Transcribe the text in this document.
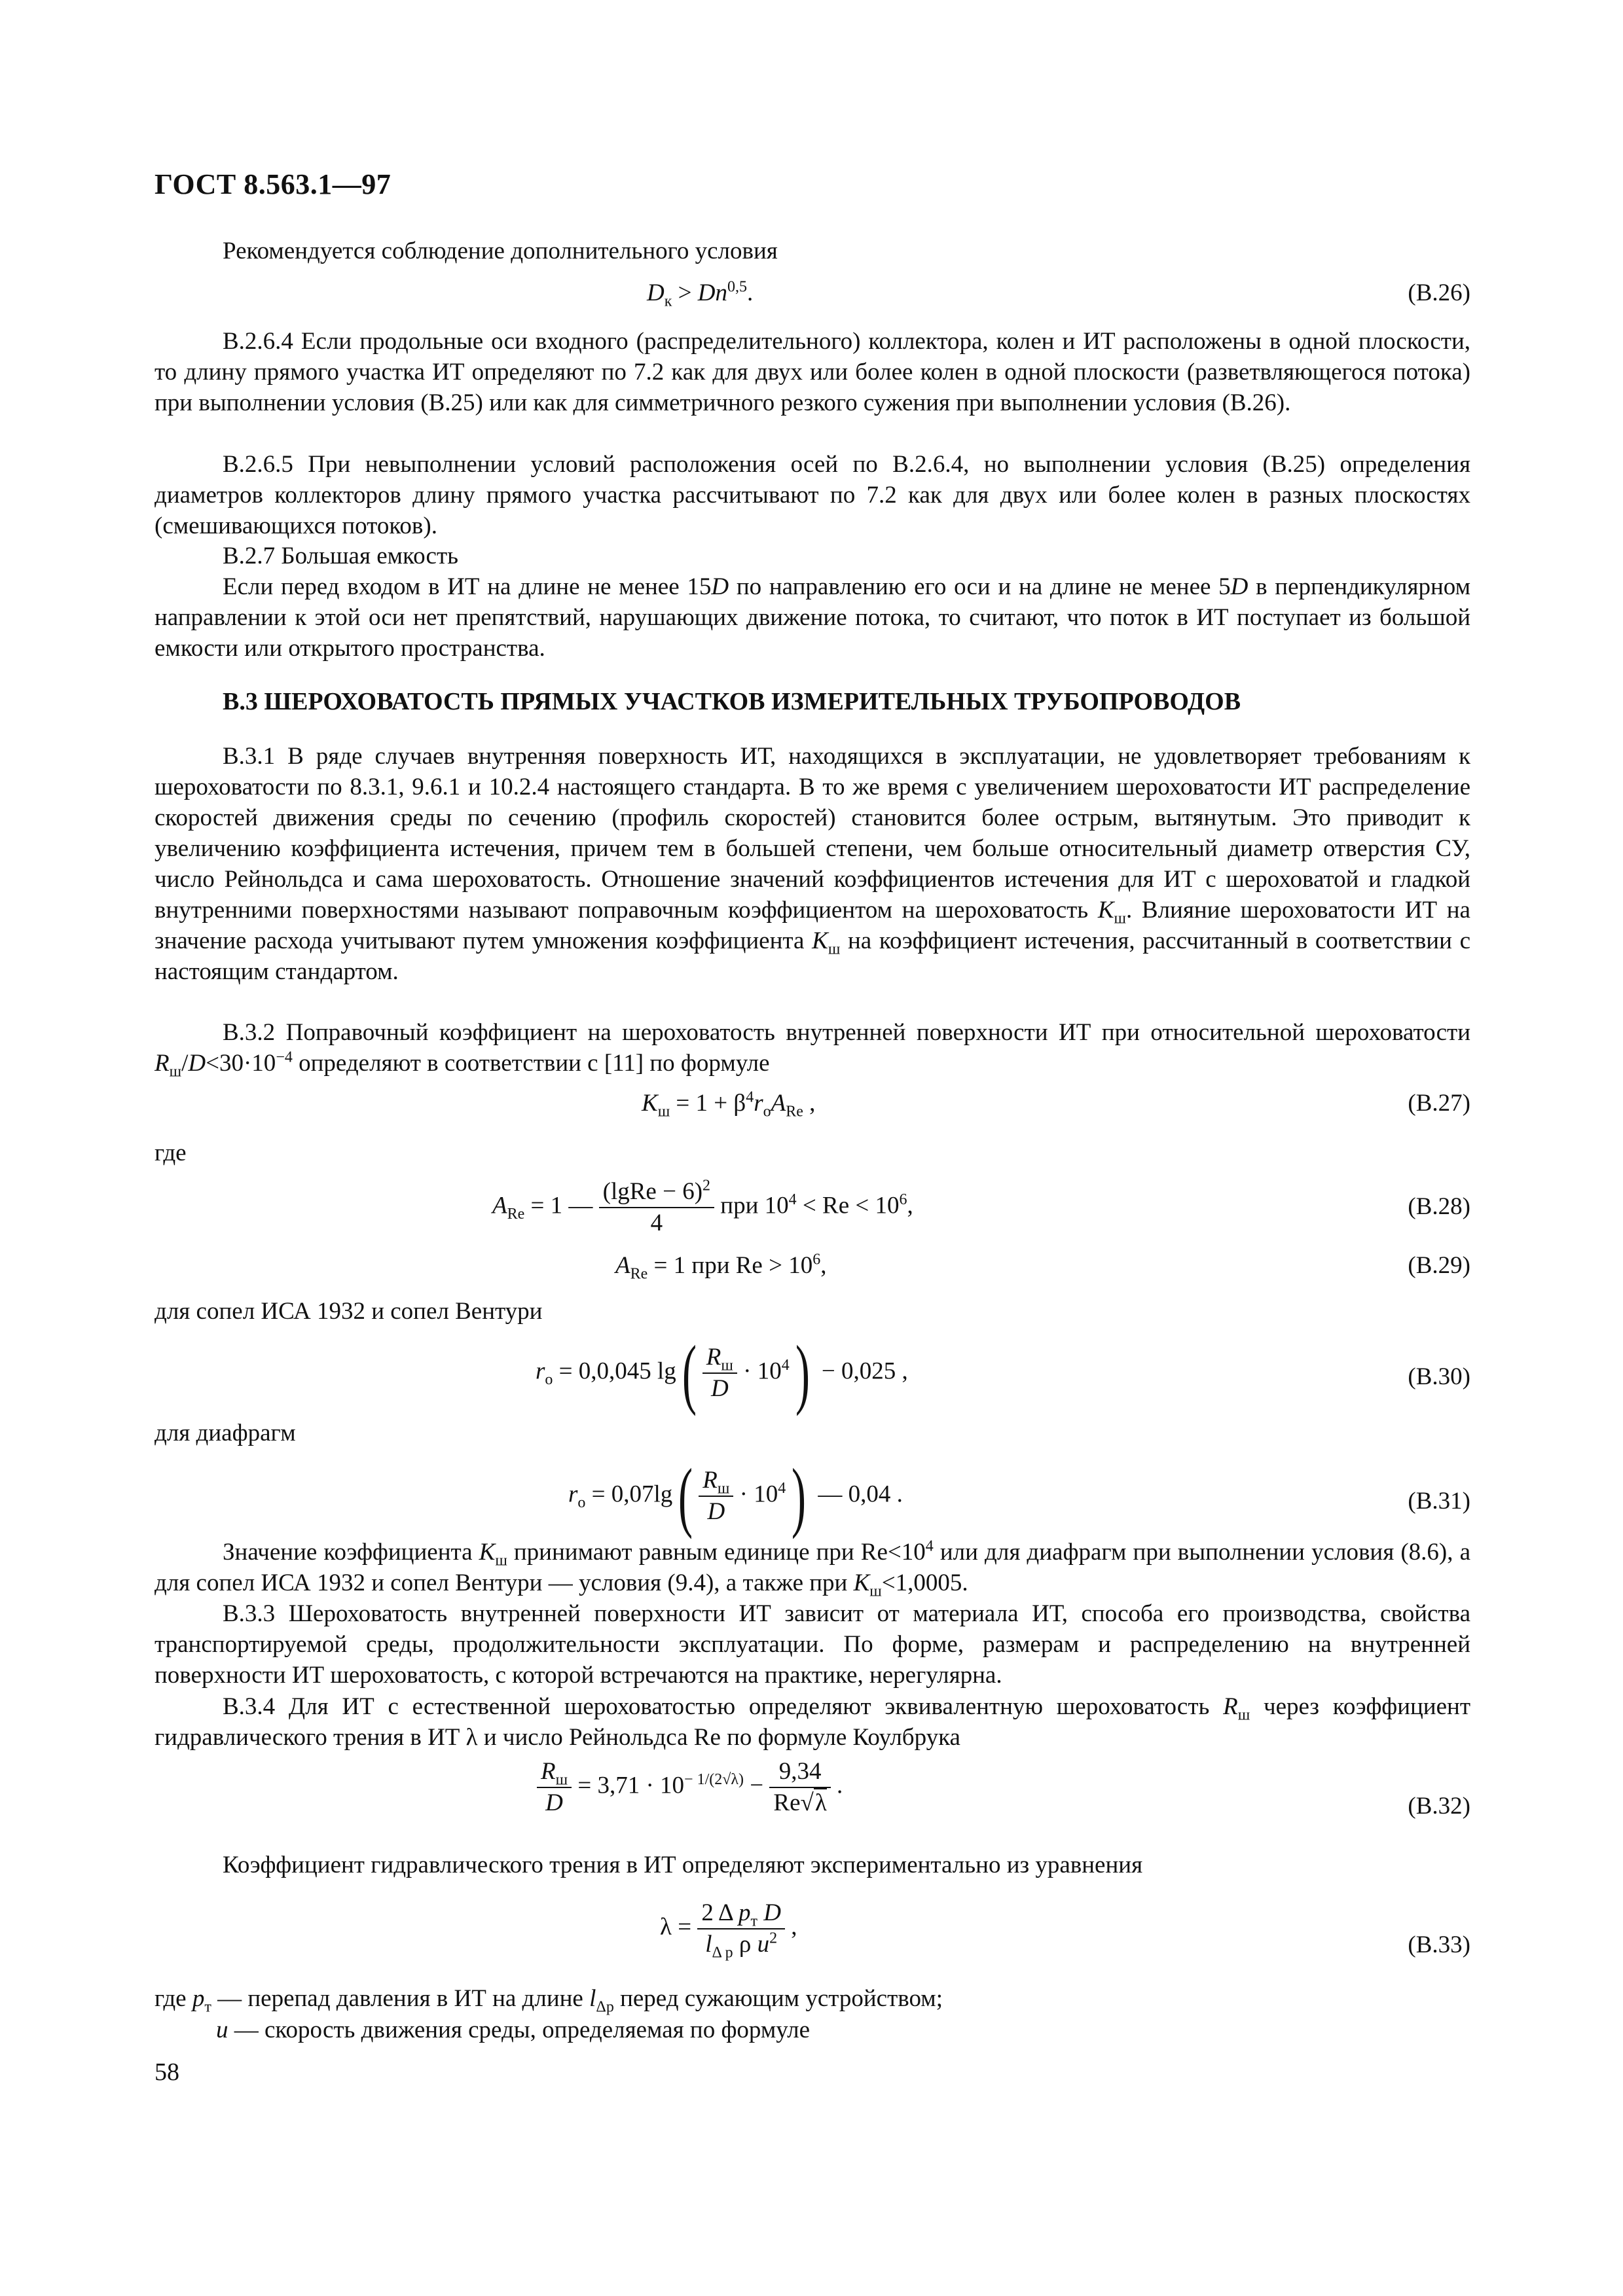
ГОСТ 8.563.1—97

Рекомендуется соблюдение дополнительного условия

$D_к > Dn^{0,5}$.	(В.26)

В.2.6.4 Если продольные оси входного (распределительного) коллектора, колен и ИТ расположены в одной плоскости, то длину прямого участка ИТ определяют по 7.2 как для двух или более колен в одной плоскости (разветвляющегося потока) при выполнении условия (В.25) или как для симметричного резкого сужения при выполнении условия (В.26).

В.2.6.5 При невыполнении условий расположения осей по В.2.6.4, но выполнении условия (В.25) определения диаметров коллекторов длину прямого участка рассчитывают по 7.2 как для двух или более колен в разных плоскостях (смешивающихся потоков).

В.2.7 Большая емкость

Если перед входом в ИТ на длине не менее 15D по направлению его оси и на длине не менее 5D в перпендикулярном направлении к этой оси нет препятствий, нарушающих движение потока, то считают, что поток в ИТ поступает из большой емкости или открытого пространства.

В.3 ШЕРОХОВАТОСТЬ ПРЯМЫХ УЧАСТКОВ ИЗМЕРИТЕЛЬНЫХ ТРУБОПРОВОДОВ

В.3.1 В ряде случаев внутренняя поверхность ИТ, находящихся в эксплуатации, не удовлетворяет требованиям к шероховатости по 8.3.1, 9.6.1 и 10.2.4 настоящего стандарта. В то же время с увеличением шероховатости ИТ распределение скоростей движения среды по сечению (профиль скоростей) становится более острым, вытянутым. Это приводит к увеличению коэффициента истечения, причем тем в большей степени, чем больше относительный диаметр отверстия СУ, число Рейнольдса и сама шероховатость. Отношение значений коэффициентов истечения для ИТ с шероховатой и гладкой внутренними поверхностями называют поправочным коэффициентом на шероховатость $K_ш$. Влияние шероховатости ИТ на значение расхода учитывают путем умножения коэффициента $K_ш$ на коэффициент истечения, рассчитанный в соответствии с настоящим стандартом.

В.3.2 Поправочный коэффициент на шероховатость внутренней поверхности ИТ при относительной шероховатости $R_ш/D<30\cdot 10^{-4}$ определяют в соответствии с [11] по формуле

$K_ш = 1 + \beta^4r_оA_{Re}$ ,	(В.27)
где
$A_{Re} = 1$ — $\frac{(lgRe - 6)^2}{4}$ при $10^4 < Re < 10^6$,	(В.28)
$A_{Re} = 1$ при $Re > 10^6$,	(В.29)
для сопел ИСА 1932 и сопел Вентури
$r_о = 0,0,045$ $\lg( \frac{R_ш}{D} \cdot 10^4) - 0,025$ ,	(В.30)
для диафрагм
$r_о = 0,07\lg( \frac{R_ш}{D} \cdot 10^4)$ — 0,04 .	(В.31)

Значение коэффициента $K_ш$ принимают равным единице при $Re<10^4$ или для диафрагм при выполнении условия (8.6), а для сопел ИСА 1932 и сопел Вентури — условия (9.4), а также при $K_ш<1,0005$.

В.3.3 Шероховатость внутренней поверхности ИТ зависит от материала ИТ, способа его производства, свойства транспортируемой среды, продолжительности эксплуатации. По форме, размерам и распределению на внутренней поверхности ИТ шероховатость, с которой встречаются на практике, нерегулярна.

В.3.4 Для ИТ с естественной шероховатостью определяют эквивалентную шероховатость $R_ш$ через коэффициент гидравлического трения в ИТ λ и число Рейнольдса Re по формуле Коулбрука

$\frac{R_ш}{D} = 3,71 \cdot 10^{- 1/(2√\lambda)} - \frac{9,34}{Re√\lambda}$ .
(В.32)

Коэффициент гидравлического трения в ИТ определяют экспериментально из уравнения

$\lambda = \frac{2 \Delta p_т D}{l_{\Delta p} \rho u^2}$ ,
(В.33)
где $p_т$ — перепад давления в ИТ на длине $l_{\Delta p}$ перед сужающим устройством;
u — скорость движения среды, определяемая по формуле
58
